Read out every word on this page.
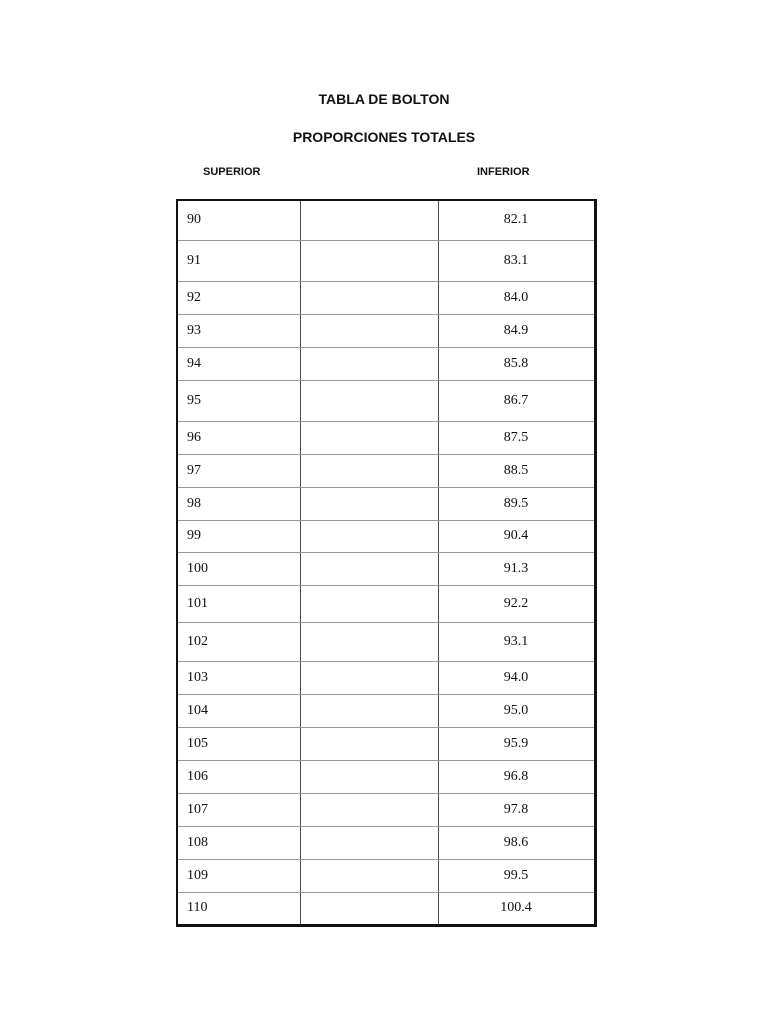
TABLA DE BOLTON
PROPORCIONES TOTALES
SUPERIOR	INFERIOR
90		82.1
91		83.1
92		84.0
93		84.9
94		85.8
95		86.7
96		87.5
97		88.5
98		89.5
99		90.4
100		91.3
101		92.2
102		93.1
103		94.0
104		95.0
105		95.9
106		96.8
107		97.8
108		98.6
109		99.5
110		100.4
